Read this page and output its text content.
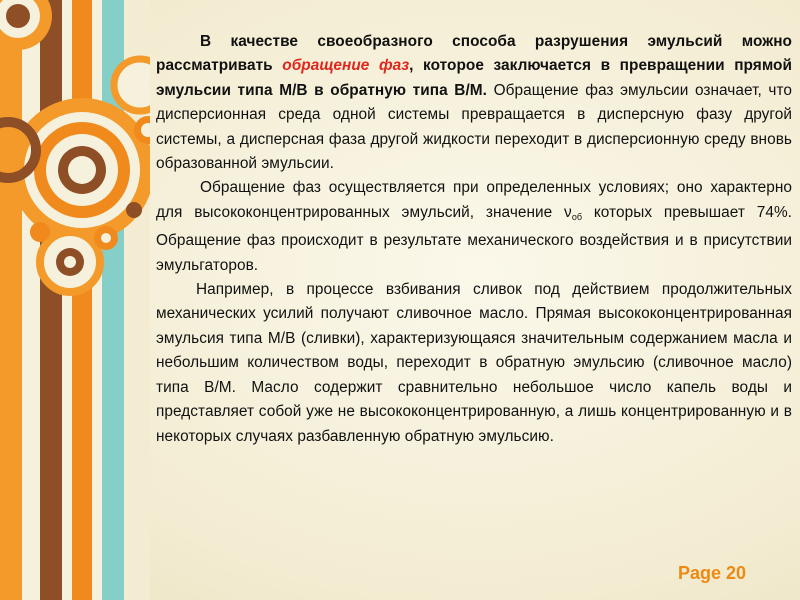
В качестве своеобразного способа разрушения эмульсий можно рассматривать обращение фаз, которое заключается в превращении прямой эмульсии типа М/В в обратную типа В/М. Обращение фаз эмульсии означает, что дисперсионная среда одной системы превращается в дисперсную фазу другой системы, а дисперсная фаза другой жидкости переходит в дисперсионную среду вновь образованной эмульсии.

Обращение фаз осуществляется при определенных условиях; оно характерно для высококонцентрированных эмульсий, значение $\nu_{об}$ которых превышает 74%. Обращение фаз происходит в результате механического воздействия и в присутствии эмульгаторов.

Например, в процессе взбивания сливок под действием продолжительных механических усилий получают сливочное масло. Прямая высококонцентрированная эмульсия типа М/В (сливки), характеризующаяся значительным содержанием масла и небольшим количеством воды, переходит в обратную эмульсию (сливочное масло) типа В/М. Масло содержит сравнительно небольшое число капель воды и представляет собой уже не высококонцентрированную, а лишь концентрированную и в некоторых случаях разбавленную обратную эмульсию.

Page 20
